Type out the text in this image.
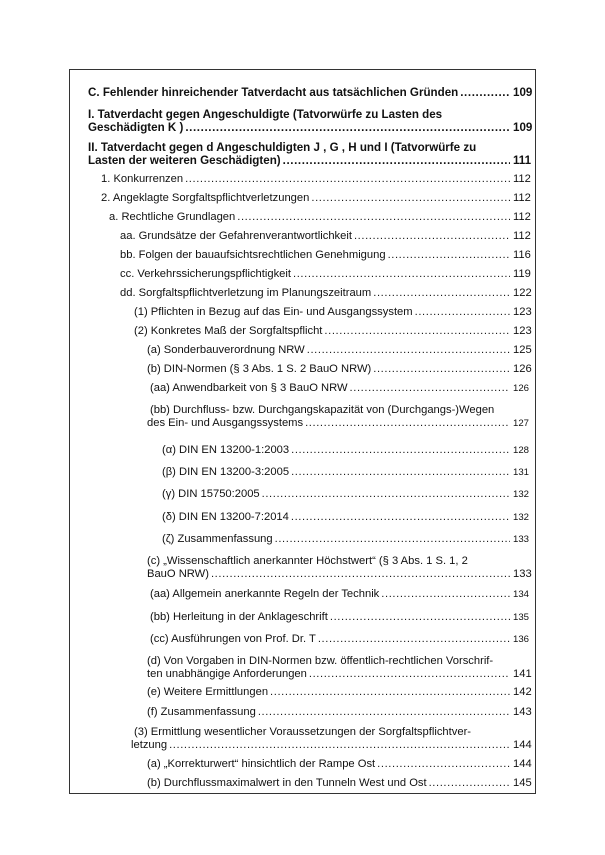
C. Fehlender hinreichender Tatverdacht aus tatsächlichen Gründen .....	109
I. Tatverdacht gegen Angeschuldigte (Tatvorwürfe zu Lasten des
Geschädigten K ) .....	109
II. Tatverdacht gegen d Angeschuldigten J , G , H und I (Tatvorwürfe zu
Lasten der weiteren Geschädigten) .....	111
1. Konkurrenzen .....	112
2. Angeklagte Sorgfaltspflichtverletzungen .....	112
a. Rechtliche Grundlagen .....	112
aa. Grundsätze der Gefahrenverantwortlichkeit .....	112
bb. Folgen der bauaufsichtsrechtlichen Genehmigung .....	116
cc. Verkehrssicherungspflichtigkeit .....	119
dd. Sorgfaltspflichtverletzung im Planungszeitraum .....	122
(1) Pflichten in Bezug auf das Ein- und Ausgangssystem .....	123
(2) Konkretes Maß der Sorgfaltspflicht .....	123
(a) Sonderbauverordnung NRW .....	125
(b) DIN-Normen (§ 3 Abs. 1 S. 2 BauO NRW) .....	126
(aa) Anwendbarkeit von § 3 BauO NRW .....	126
(bb) Durchfluss- bzw. Durchgangskapazität von (Durchgangs-)Wegen
des Ein- und Ausgangssystems .....	127
(α) DIN EN 13200-1:2003 .....	128
(β) DIN EN 13200-3:2005 .....	131
(γ) DIN 15750:2005 .....	132
(δ) DIN EN 13200-7:2014 .....	132
(ζ) Zusammenfassung .....	133
(c) „Wissenschaftlich anerkannter Höchstwert“ (§ 3 Abs. 1 S. 1, 2
BauO NRW) .....	133
(aa) Allgemein anerkannte Regeln der Technik .....	134
(bb) Herleitung in der Anklageschrift .....	135
(cc) Ausführungen von Prof. Dr. T .....	136
(d) Von Vorgaben in DIN-Normen bzw. öffentlich-rechtlichen Vorschrif-
ten unabhängige Anforderungen .....	141
(e) Weitere Ermittlungen .....	142
(f) Zusammenfassung .....	143
(3) Ermittlung wesentlicher Voraussetzungen der Sorgfaltspflichtver-
letzung .....	144
(a) „Korrekturwert“ hinsichtlich der Rampe Ost .....	144
(b) Durchflussmaximalwert in den Tunneln West und Ost .....	145
